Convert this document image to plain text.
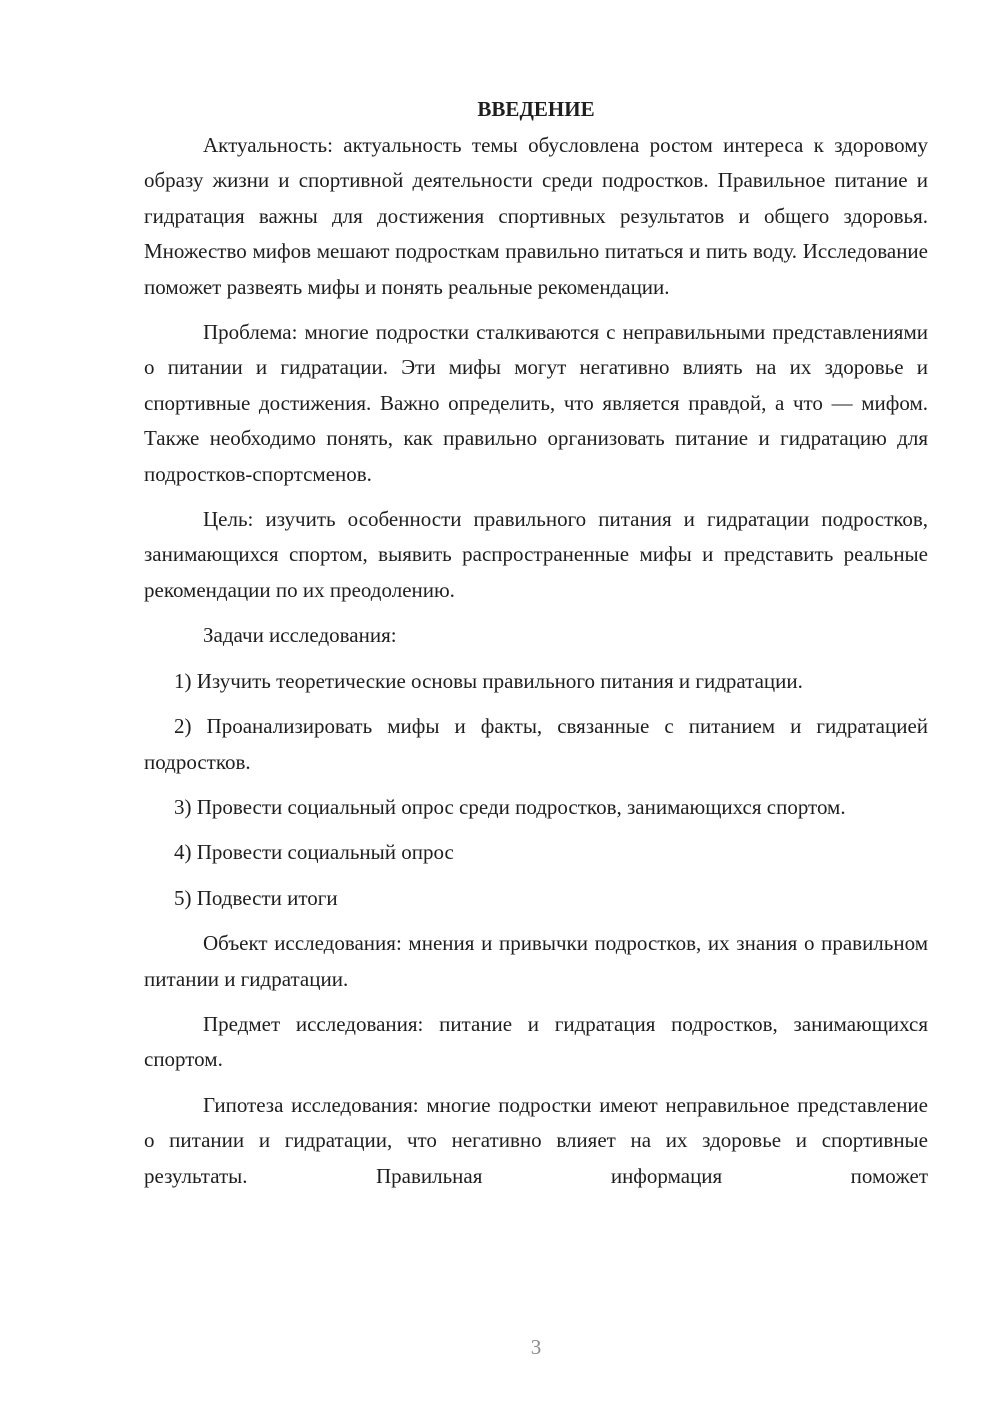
ВВЕДЕНИЕ

Актуальность: актуальность темы обусловлена ростом интереса к здоровому образу жизни и спортивной деятельности среди подростков. Правильное питание и гидратация важны для достижения спортивных результатов и общего здоровья. Множество мифов мешают подросткам правильно питаться и пить воду. Исследование поможет развеять мифы и понять реальные рекомендации.

Проблема: многие подростки сталкиваются с неправильными представлениями о питании и гидратации. Эти мифы могут негативно влиять на их здоровье и спортивные достижения. Важно определить, что является правдой, а что — мифом. Также необходимо понять, как правильно организовать питание и гидратацию для подростков-спортсменов.

Цель: изучить особенности правильного питания и гидратации подростков, занимающихся спортом, выявить распространенные мифы и представить реальные рекомендации по их преодолению.

Задачи исследования:

1) Изучить теоретические основы правильного питания и гидратации.

2) Проанализировать мифы и факты, связанные с питанием и гидратацией подростков.

3) Провести социальный опрос среди подростков, занимающихся спортом.

4) Провести социальный опрос

5) Подвести итоги

Объект исследования: мнения и привычки подростков, их знания о правильном питании и гидратации.

Предмет исследования: питание и гидратация подростков, занимающихся спортом.

Гипотеза исследования: многие подростки имеют неправильное представление о питании и гидратации, что негативно влияет на их здоровье и спортивные результаты. Правильная информация поможет

3
